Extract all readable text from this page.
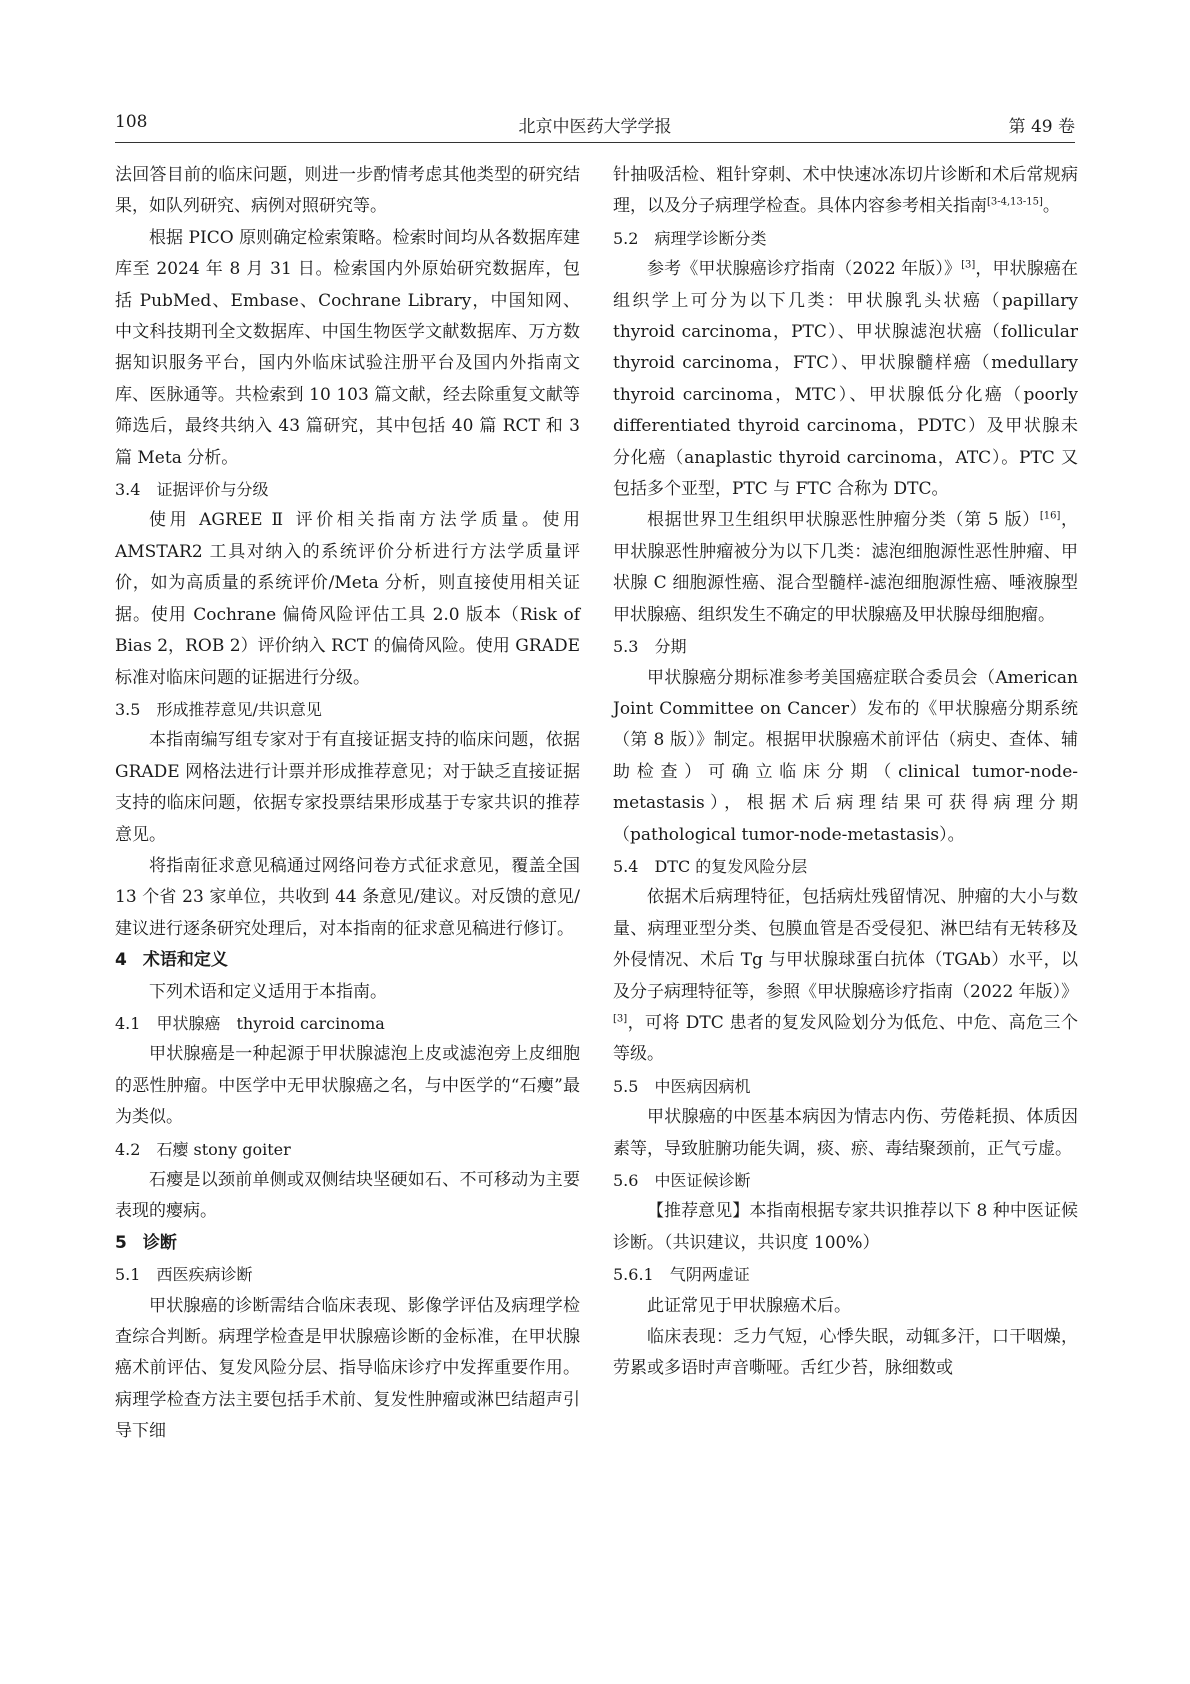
108	北京中医药大学学报	第 49 卷

法回答目前的临床问题，则进一步酌情考虑其他类型的研究结果，如队列研究、病例对照研究等。

根据 PICO 原则确定检索策略。检索时间均从各数据库建库至 2024 年 8 月 31 日。检索国内外原始研究数据库，包括 PubMed、Embase、Cochrane Library，中国知网、中文科技期刊全文数据库、中国生物医学文献数据库、万方数据知识服务平台，国内外临床试验注册平台及国内外指南文库、医脉通等。共检索到 10 103 篇文献，经去除重复文献等筛选后，最终共纳入 43 篇研究，其中包括 40 篇 RCT 和 3 篇 Meta 分析。

3.4 证据评价与分级

使用 AGREE Ⅱ 评价相关指南方法学质量。使用 AMSTAR2 工具对纳入的系统评价分析进行方法学质量评价，如为高质量的系统评价/Meta 分析，则直接使用相关证据。使用 Cochrane 偏倚风险评估工具 2.0 版本（Risk of Bias 2，ROB 2）评价纳入 RCT 的偏倚风险。使用 GRADE 标准对临床问题的证据进行分级。

3.5 形成推荐意见/共识意见

本指南编写组专家对于有直接证据支持的临床问题，依据 GRADE 网格法进行计票并形成推荐意见；对于缺乏直接证据支持的临床问题，依据专家投票结果形成基于专家共识的推荐意见。

将指南征求意见稿通过网络问卷方式征求意见，覆盖全国 13 个省 23 家单位，共收到 44 条意见/建议。对反馈的意见/建议进行逐条研究处理后，对本指南的征求意见稿进行修订。

4 术语和定义

下列术语和定义适用于本指南。

4.1 甲状腺癌　thyroid carcinoma

甲状腺癌是一种起源于甲状腺滤泡上皮或滤泡旁上皮细胞的恶性肿瘤。中医学中无甲状腺癌之名，与中医学的“石瘿”最为类似。

4.2 石瘿 stony goiter

石瘿是以颈前单侧或双侧结块坚硬如石、不可移动为主要表现的瘿病。

5 诊断
5.1 西医疾病诊断

甲状腺癌的诊断需结合临床表现、影像学评估及病理学检查综合判断。病理学检查是甲状腺癌诊断的金标准，在甲状腺癌术前评估、复发风险分层、指导临床诊疗中发挥重要作用。病理学检查方法主要包括手术前、复发性肿瘤或淋巴结超声引导下细

针抽吸活检、粗针穿刺、术中快速冰冻切片诊断和术后常规病理，以及分子病理学检查。具体内容参考相关指南[3-4,13-15]。

5.2 病理学诊断分类

参考《甲状腺癌诊疗指南（2022 年版）》[3]，甲状腺癌在组织学上可分为以下几类：甲状腺乳头状癌（papillary thyroid carcinoma，PTC）、甲状腺滤泡状癌（follicular thyroid carcinoma，FTC）、甲状腺髓样癌（medullary thyroid carcinoma，MTC）、甲状腺低分化癌（poorly differentiated thyroid carcinoma，PDTC）及甲状腺未分化癌（anaplastic thyroid carcinoma，ATC）。PTC 又包括多个亚型，PTC 与 FTC 合称为 DTC。

根据世界卫生组织甲状腺恶性肿瘤分类（第 5 版）[16]，甲状腺恶性肿瘤被分为以下几类：滤泡细胞源性恶性肿瘤、甲状腺 C 细胞源性癌、混合型髓样-滤泡细胞源性癌、唾液腺型甲状腺癌、组织发生不确定的甲状腺癌及甲状腺母细胞瘤。

5.3 分期

甲状腺癌分期标准参考美国癌症联合委员会（American Joint Committee on Cancer）发布的《甲状腺癌分期系统（第 8 版）》制定。根据甲状腺癌术前评估（病史、查体、辅助检查）可确立临床分期（clinical tumor-node-metastasis），根据术后病理结果可获得病理分期（pathological tumor-node-metastasis）。

5.4 DTC 的复发风险分层

依据术后病理特征，包括病灶残留情况、肿瘤的大小与数量、病理亚型分类、包膜血管是否受侵犯、淋巴结有无转移及外侵情况、术后 Tg 与甲状腺球蛋白抗体（TGAb）水平，以及分子病理特征等，参照《甲状腺癌诊疗指南（2022 年版）》[3]，可将 DTC 患者的复发风险划分为低危、中危、高危三个等级。

5.5 中医病因病机

甲状腺癌的中医基本病因为情志内伤、劳倦耗损、体质因素等，导致脏腑功能失调，痰、瘀、毒结聚颈前，正气亏虚。

5.6 中医证候诊断

【推荐意见】本指南根据专家共识推荐以下 8 种中医证候诊断。（共识建议，共识度 100%）

5.6.1 气阴两虚证

此证常见于甲状腺癌术后。

临床表现：乏力气短，心悸失眠，动辄多汗，口干咽燥，劳累或多语时声音嘶哑。舌红少苔，脉细数或
